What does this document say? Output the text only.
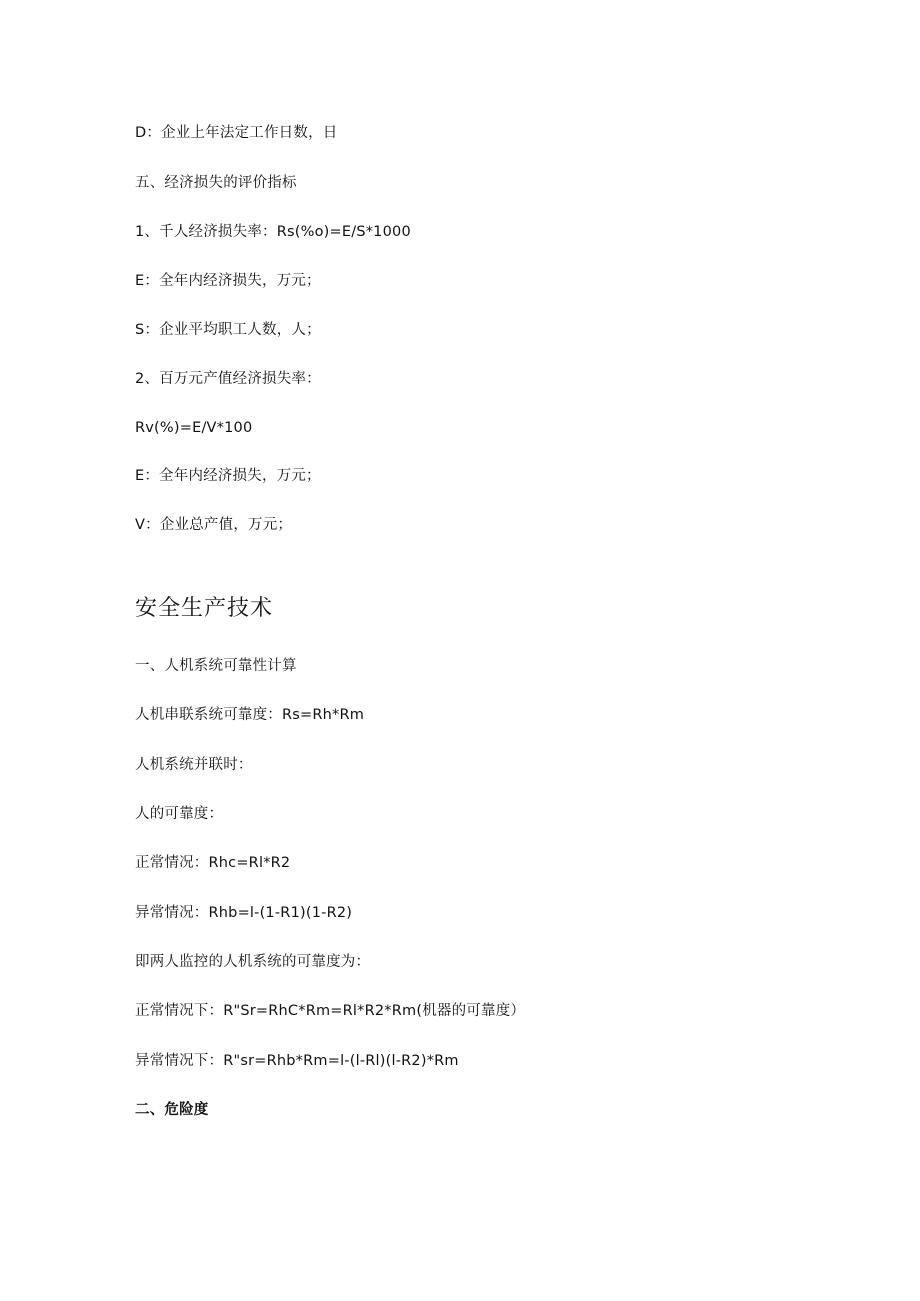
D：企业上年法定工作日数，日
五、经济损失的评价指标
1、千人经济损失率：Rs(%o)=E/S*1000
E：全年内经济损失，万元；
S：企业平均职工人数，人；
2、百万元产值经济损失率：
Rv(%)=E/V*100
E：全年内经济损失，万元；
V：企业总产值，万元；
安全生产技术
一、人机系统可靠性计算
人机串联系统可靠度：Rs=Rh*Rm
人机系统并联时：
人的可靠度：
正常情况：Rhc=Rl*R2
异常情况：Rhb=l-(1-R1)(1-R2)
即两人监控的人机系统的可靠度为：
正常情况下：R"Sr=RhC*Rm=Rl*R2*Rm(机器的可靠度）
异常情况下：R"sr=Rhb*Rm=l-(l-Rl)(l-R2)*Rm
二、危险度
